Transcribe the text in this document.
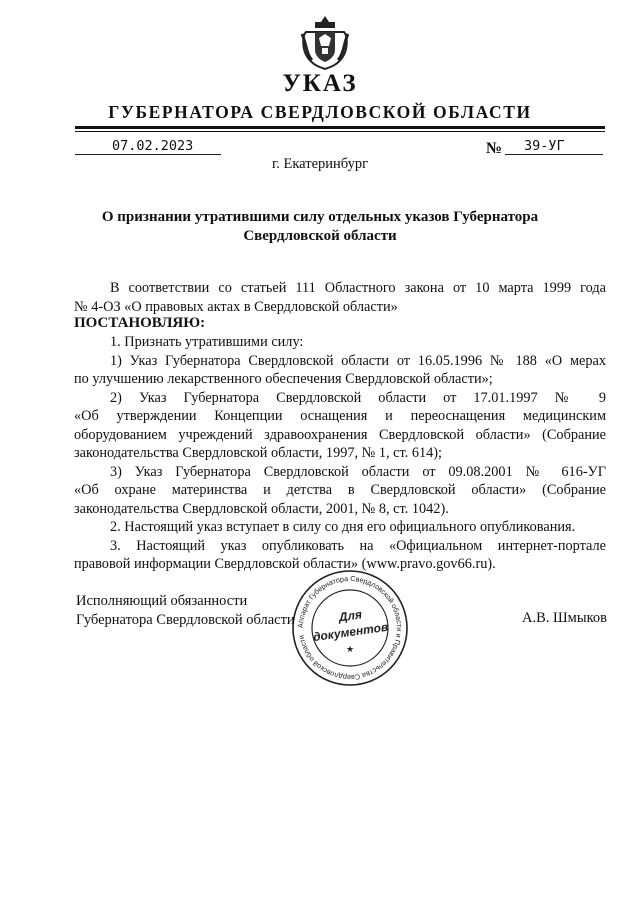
УКАЗ
ГУБЕРНАТОРА СВЕРДЛОВСКОЙ ОБЛАСТИ
07.02.2023	№ 39-УГ
г. Екатеринбург
О признании утратившими силу отдельных указов Губернатора Свердловской области
В соответствии со статьей 111 Областного закона от 10 марта 1999 года
№ 4-ОЗ «О правовых актах в Свердловской области»
ПОСТАНОВЛЯЮ:
1. Признать утратившими силу:
1) Указ Губернатора Свердловской области от 16.05.1996 № 188 «О мерах
по улучшению лекарственного обеспечения Свердловской области»;
2) Указ Губернатора Свердловской области от 17.01.1997 № 9
«Об утверждении Концепции оснащения и переоснащения медицинским
оборудованием учреждений здравоохранения Свердловской области» (Собрание
законодательства Свердловской области, 1997, № 1, ст. 614);
3) Указ Губернатора Свердловской области от 09.08.2001 № 616-УГ
«Об охране материнства и детства в Свердловской области» (Собрание
законодательства Свердловской области, 2001, № 8, ст. 1042).
2. Настоящий указ вступает в силу со дня его официального опубликования.
3. Настоящий указ опубликовать на «Официальном интернет-портале
правовой информации Свердловской области» (www.pravo.gov66.ru).
Аппарат Губернатора Свердловской области и Правительства Свердловской области
Для
документов
★
Исполняющий обязанности
Губернатора Свердловской области	А.В. Шмыков
